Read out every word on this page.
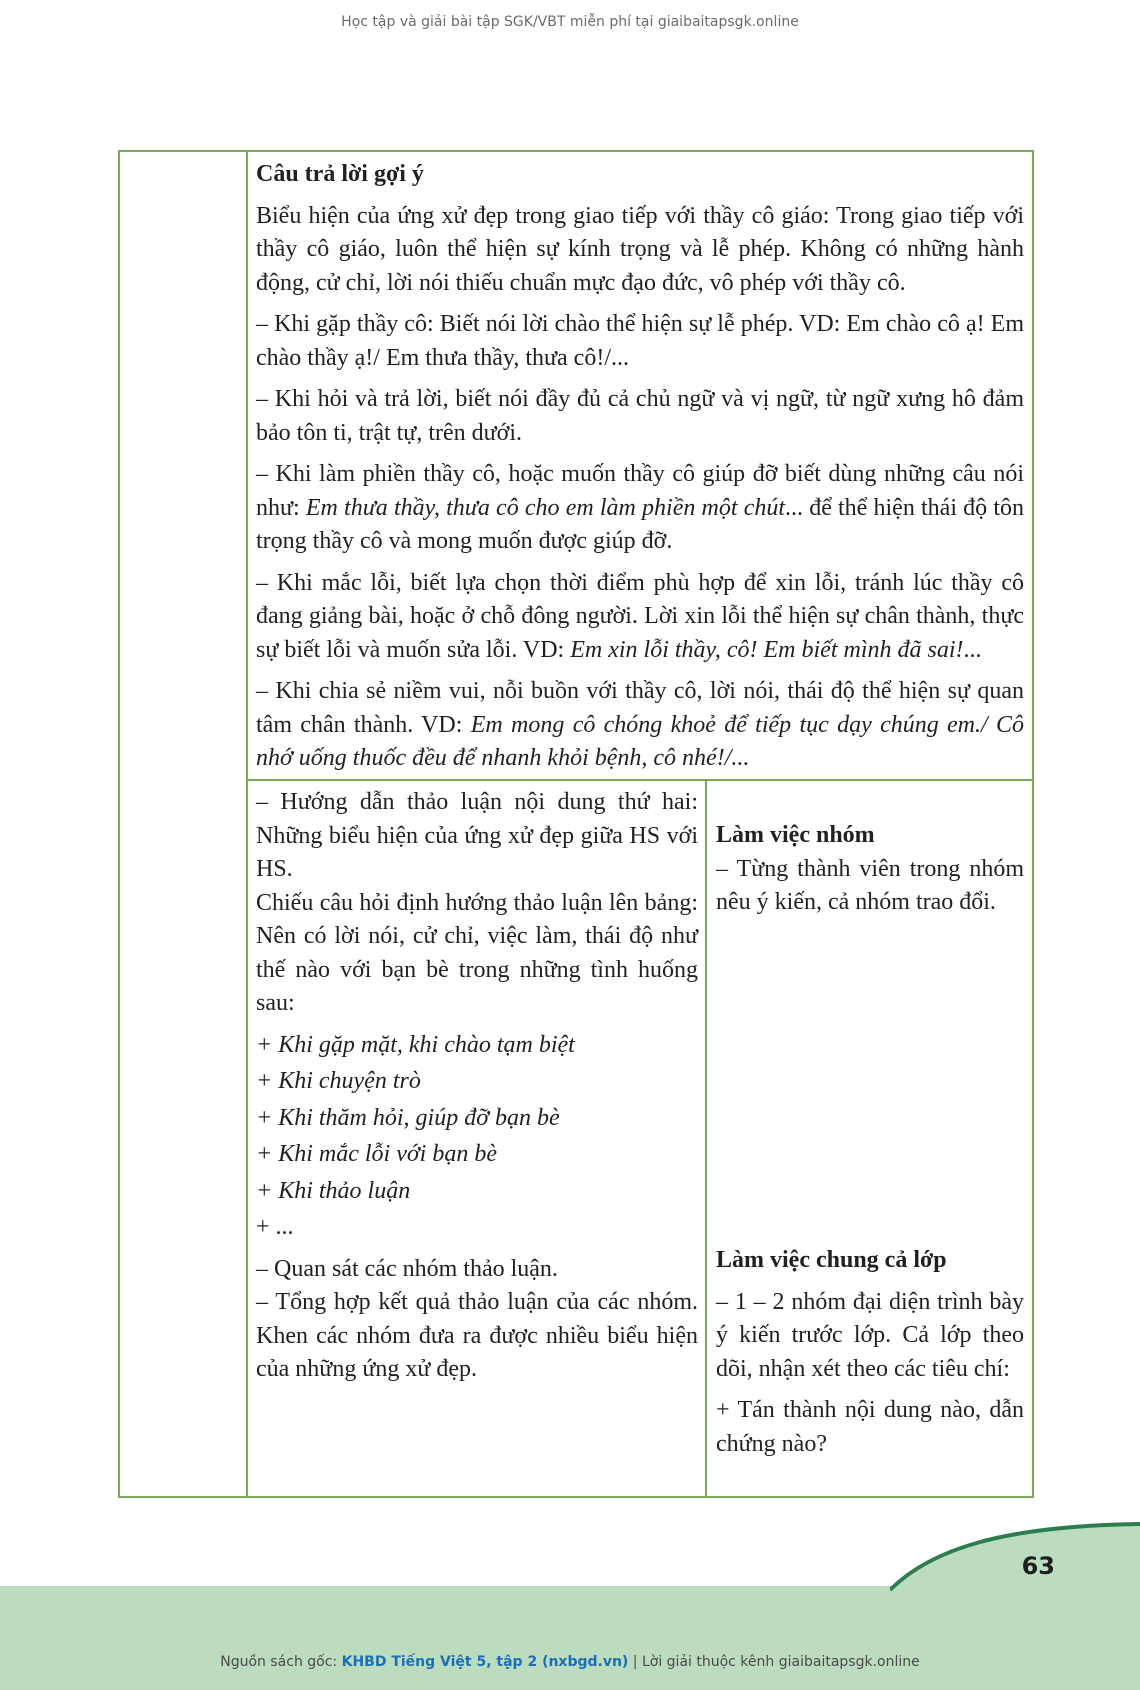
Học tập và giải bài tập SGK/VBT miễn phí tại giaibaitapsgk.online

Câu trả lời gợi ý

Biểu hiện của ứng xử đẹp trong giao tiếp với thầy cô giáo: Trong giao tiếp với thầy cô giáo, luôn thể hiện sự kính trọng và lễ phép. Không có những hành động, cử chỉ, lời nói thiếu chuẩn mực đạo đức, vô phép với thầy cô.

– Khi gặp thầy cô: Biết nói lời chào thể hiện sự lễ phép. VD: Em chào cô ạ! Em chào thầy ạ!/ Em thưa thầy, thưa cô!/...

– Khi hỏi và trả lời, biết nói đầy đủ cả chủ ngữ và vị ngữ, từ ngữ xưng hô đảm bảo tôn ti, trật tự, trên dưới.

– Khi làm phiền thầy cô, hoặc muốn thầy cô giúp đỡ biết dùng những câu nói như: Em thưa thầy, thưa cô cho em làm phiền một chút... để thể hiện thái độ tôn trọng thầy cô và mong muốn được giúp đỡ.

– Khi mắc lỗi, biết lựa chọn thời điểm phù hợp để xin lỗi, tránh lúc thầy cô đang giảng bài, hoặc ở chỗ đông người. Lời xin lỗi thể hiện sự chân thành, thực sự biết lỗi và muốn sửa lỗi. VD: Em xin lỗi thầy, cô! Em biết mình đã sai!...

– Khi chia sẻ niềm vui, nỗi buồn với thầy cô, lời nói, thái độ thể hiện sự quan tâm chân thành. VD: Em mong cô chóng khoẻ để tiếp tục dạy chúng em./ Cô nhớ uống thuốc đều để nhanh khỏi bệnh, cô nhé!/...

– Hướng dẫn thảo luận nội dung thứ hai: Những biểu hiện của ứng xử đẹp giữa HS với HS.

Chiếu câu hỏi định hướng thảo luận lên bảng: Nên có lời nói, cử chỉ, việc làm, thái độ như thế nào với bạn bè trong những tình huống sau:

+ Khi gặp mặt, khi chào tạm biệt

+ Khi chuyện trò

+ Khi thăm hỏi, giúp đỡ bạn bè

+ Khi mắc lỗi với bạn bè

+ Khi thảo luận

+ ...

– Quan sát các nhóm thảo luận.

– Tổng hợp kết quả thảo luận của các nhóm. Khen các nhóm đưa ra được nhiều biểu hiện của những ứng xử đẹp.

Làm việc nhóm

– Từng thành viên trong nhóm nêu ý kiến, cả nhóm trao đổi.

Làm việc chung cả lớp

– 1 – 2 nhóm đại diện trình bày ý kiến trước lớp. Cả lớp theo dõi, nhận xét theo các tiêu chí:

+ Tán thành nội dung nào, dẫn chứng nào?

63
Nguồn sách gốc: KHBD Tiếng Việt 5, tập 2 (nxbgd.vn) | Lời giải thuộc kênh giaibaitapsgk.online
